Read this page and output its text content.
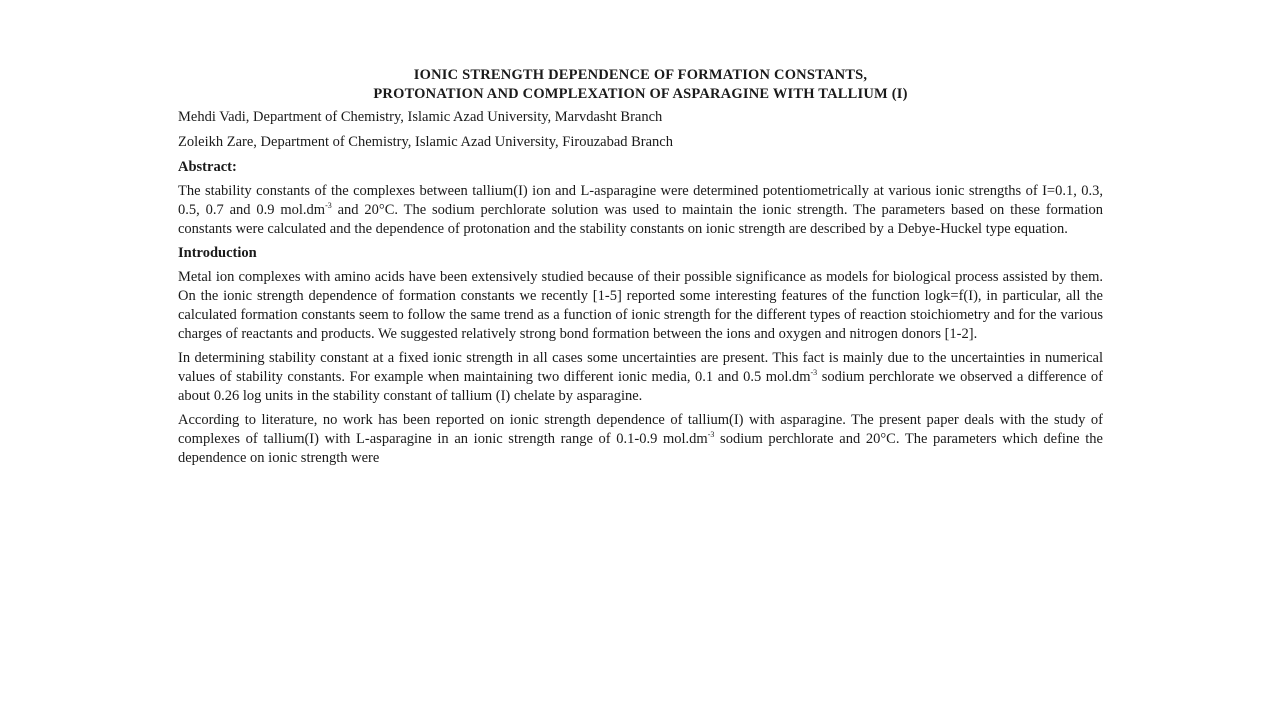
IONIC STRENGTH DEPENDENCE OF FORMATION CONSTANTS,
PROTONATION AND COMPLEXATION OF ASPARAGINE WITH TALLIUM (I)
Mehdi Vadi, Department of Chemistry, Islamic Azad University, Marvdasht Branch
Zoleikh Zare, Department of Chemistry, Islamic Azad University, Firouzabad Branch
Abstract:

The stability constants of the complexes between tallium(I) ion and L-asparagine were determined potentiometrically at various ionic strengths of I=0.1, 0.3, 0.5, 0.7 and 0.9 $mol.dm^{-3}$ and 20°C. The sodium perchlorate solution was used to maintain the ionic strength. The parameters based on these formation constants were calculated and the dependence of protonation and the stability constants on ionic strength are described by a Debye-Huckel type equation.

Introduction

Metal ion complexes with amino acids have been extensively studied because of their possible significance as models for biological process assisted by them. On the ionic strength dependence of formation constants we recently [1-5] reported some interesting features of the function logk=f(I), in particular, all the calculated formation constants seem to follow the same trend as a function of ionic strength for the different types of reaction stoichiometry and for the various charges of reactants and products. We suggested relatively strong bond formation between the ions and oxygen and nitrogen donors [1-2].

In determining stability constant at a fixed ionic strength in all cases some uncertainties are present. This fact is mainly due to the uncertainties in numerical values of stability constants. For example when maintaining two different ionic media, 0.1 and 0.5 $mol.dm^{-3}$ sodium perchlorate we observed a difference of about 0.26 log units in the stability constant of tallium (I) chelate by asparagine.

According to literature, no work has been reported on ionic strength dependence of tallium(I) with asparagine. The present paper deals with the study of complexes of tallium(I) with L-asparagine in an ionic strength range of 0.1-0.9 $mol.dm^{-3}$ sodium perchlorate and 20°C. The parameters which define the dependence on ionic strength were
